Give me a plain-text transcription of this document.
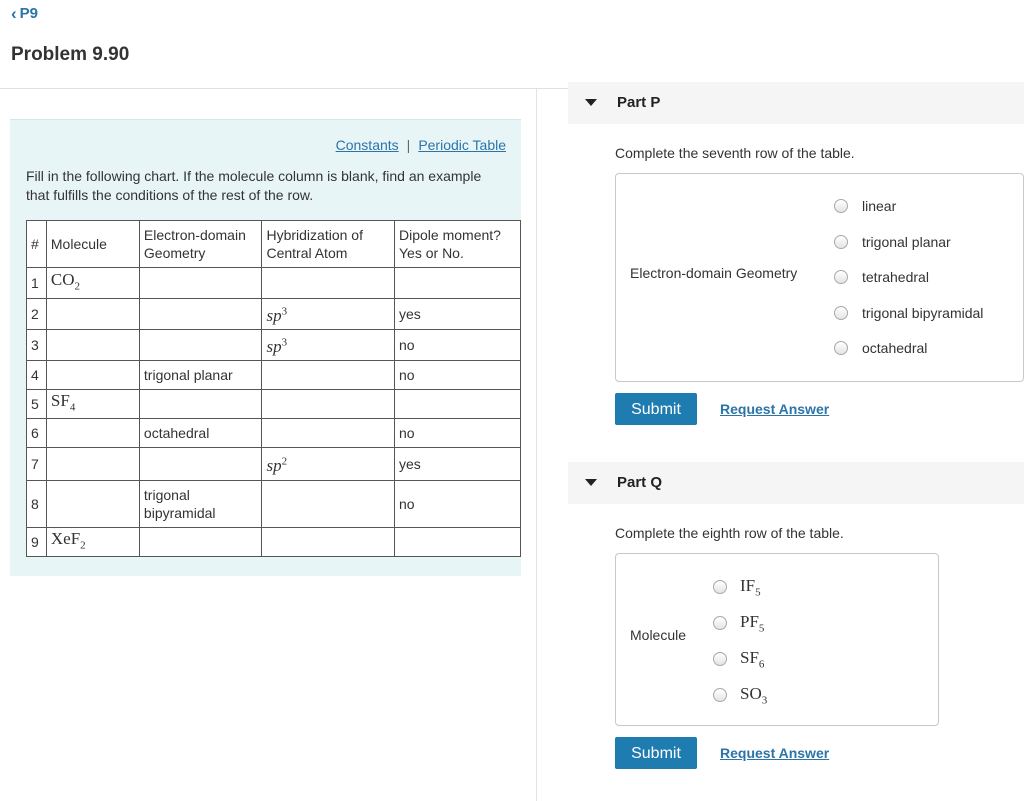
‹ P9
Problem 9.90
Constants | Periodic Table
Fill in the following chart. If the molecule column is blank, find an example that fulfills the conditions of the rest of the row.
#	Molecule	Electron-domain Geometry	Hybridization of Central Atom	Dipole moment? Yes or No.
1	$CO_2$			
2			$sp^3$	yes
3			$sp^3$	no
4		trigonal planar		no
5	$SF_4$			
6		octahedral		no
7			$sp^2$	yes
8		trigonal bipyramidal		no
9	XeF$_2$			
Part P
Complete the seventh row of the table.
Electron-domain Geometry
linear
trigonal planar
tetrahedral
trigonal bipyramidal
octahedral
Submit	Request Answer
Part Q
Complete the eighth row of the table.
Molecule
$IF_5$
$PF_5$
$SF_6$
$SO_3$
Submit	Request Answer
